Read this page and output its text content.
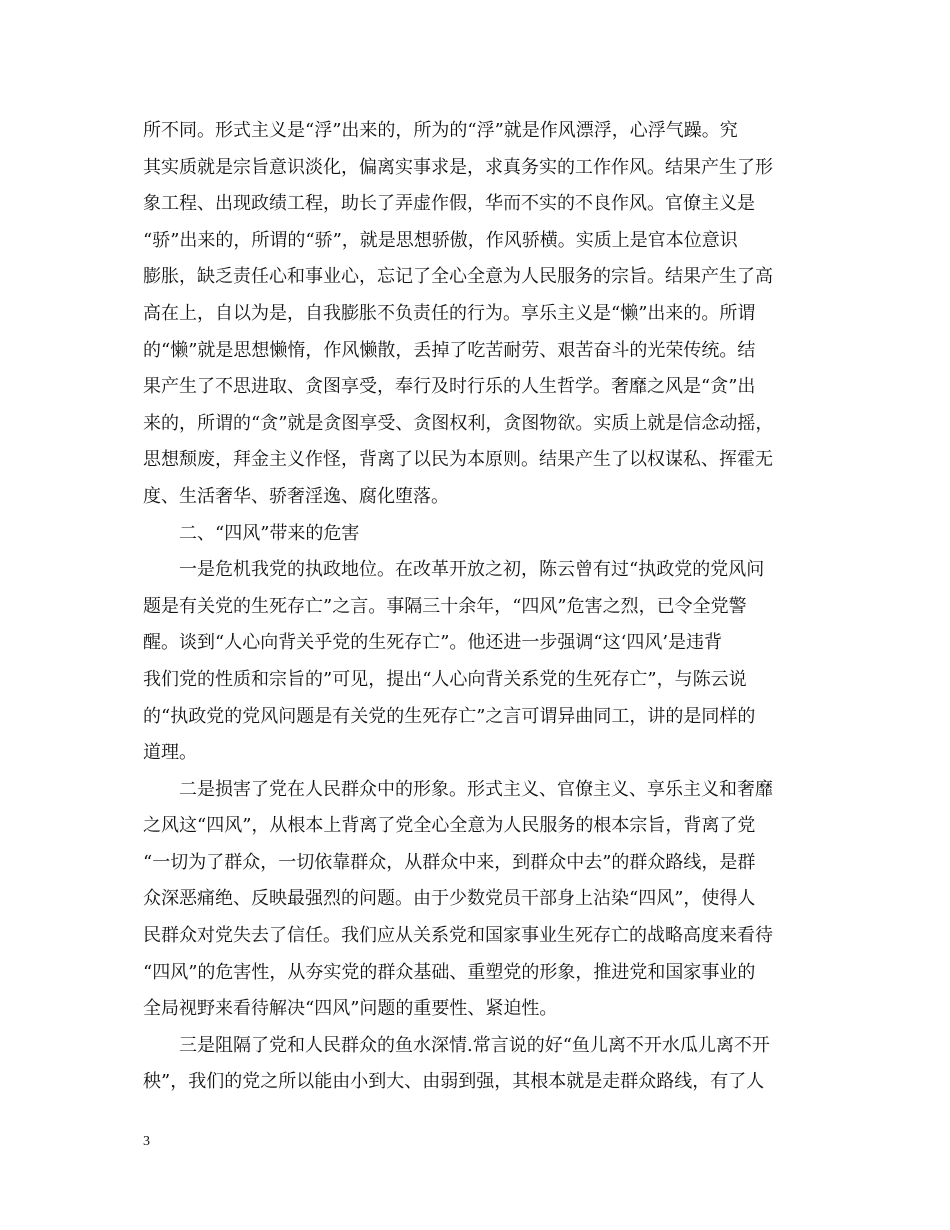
所不同。形式主义是“浮”出来的，所为的“浮”就是作风漂浮，心浮气躁。究
其实质就是宗旨意识淡化，偏离实事求是，求真务实的工作作风。结果产生了形
象工程、出现政绩工程，助长了弄虚作假，华而不实的不良作风。官僚主义是
“骄”出来的，所谓的“骄”，就是思想骄傲，作风骄横。实质上是官本位意识
膨胀，缺乏责任心和事业心，忘记了全心全意为人民服务的宗旨。结果产生了高
高在上，自以为是，自我膨胀不负责任的行为。享乐主义是“懒”出来的。所谓
的“懒”就是思想懒惰，作风懒散，丢掉了吃苦耐劳、艰苦奋斗的光荣传统。结
果产生了不思进取、贪图享受，奉行及时行乐的人生哲学。奢靡之风是“贪”出
来的，所谓的“贪”就是贪图享受、贪图权利，贪图物欲。实质上就是信念动摇，
思想颓废，拜金主义作怪，背离了以民为本原则。结果产生了以权谋私、挥霍无
度、生活奢华、骄奢淫逸、腐化堕落。
　　二、“四风”带来的危害
　　一是危机我党的执政地位。在改革开放之初，陈云曾有过“执政党的党风问
题是有关党的生死存亡”之言。事隔三十余年，“四风”危害之烈，已令全党警
醒。谈到“人心向背关乎党的生死存亡”。他还进一步强调“这‘四风’是违背
我们党的性质和宗旨的”可见，提出“人心向背关系党的生死存亡”，与陈云说
的“执政党的党风问题是有关党的生死存亡”之言可谓异曲同工，讲的是同样的
道理。
　　二是损害了党在人民群众中的形象。形式主义、官僚主义、享乐主义和奢靡
之风这“四风”，从根本上背离了党全心全意为人民服务的根本宗旨，背离了党
“一切为了群众，一切依靠群众，从群众中来，到群众中去”的群众路线，是群
众深恶痛绝、反映最强烈的问题。由于少数党员干部身上沾染“四风”，使得人
民群众对党失去了信任。我们应从关系党和国家事业生死存亡的战略高度来看待
“四风”的危害性，从夯实党的群众基础、重塑党的形象，推进党和国家事业的
全局视野来看待解决“四风”问题的重要性、紧迫性。
　　三是阻隔了党和人民群众的鱼水深情.常言说的好“鱼儿离不开水瓜儿离不开
秧”，我们的党之所以能由小到大、由弱到强，其根本就是走群众路线，有了人
3
